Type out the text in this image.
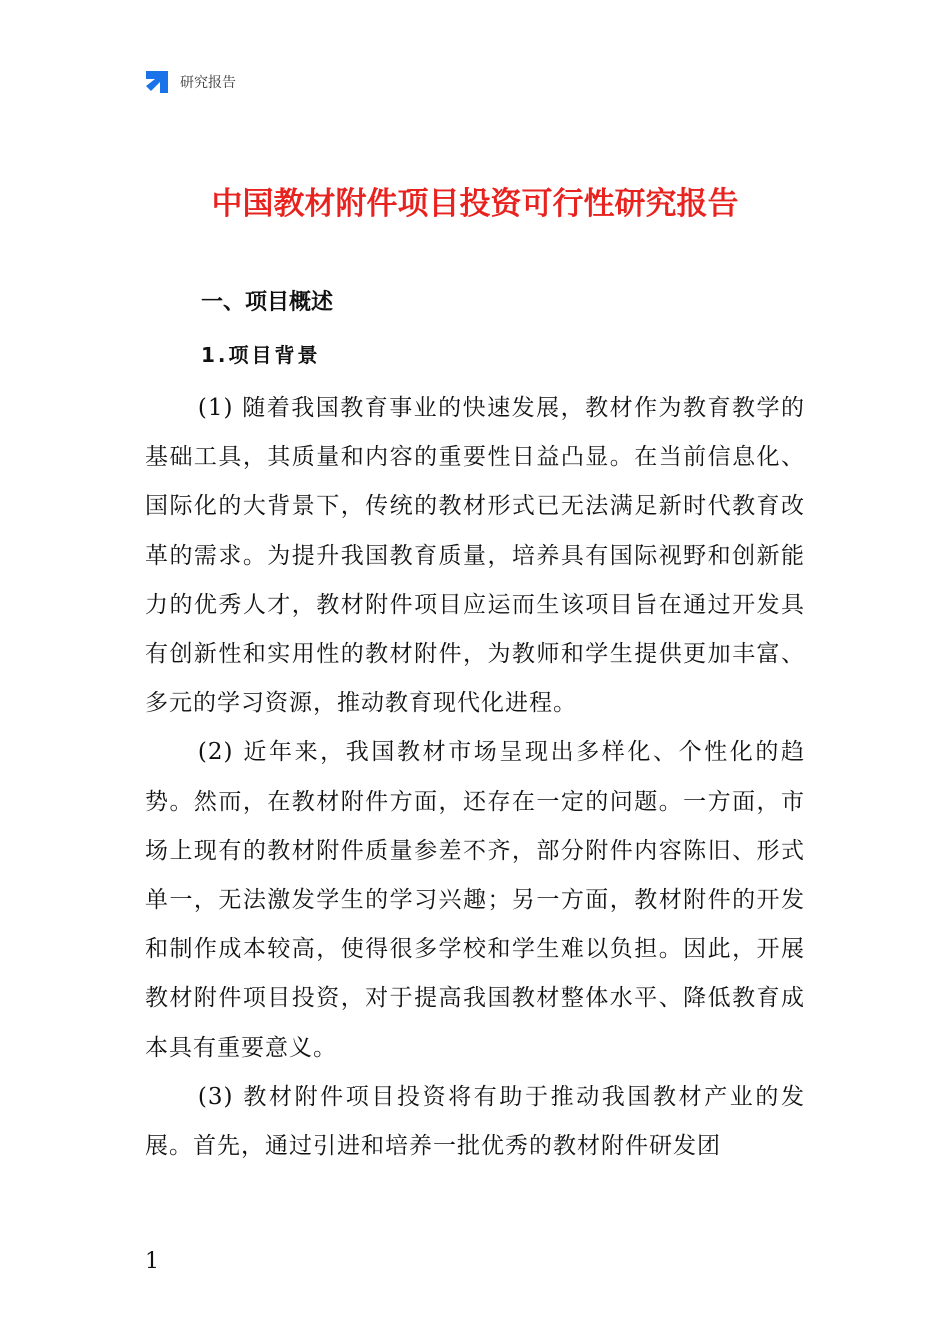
研究报告
中国教材附件项目投资可行性研究报告
一、项目概述
1.项目背景

(1) 随着我国教育事业的快速发展，教材作为教育教学的基础工具，其质量和内容的重要性日益凸显。在当前信息化、国际化的大背景下，传统的教材形式已无法满足新时代教育改革的需求。为提升我国教育质量，培养具有国际视野和创新能力的优秀人才，教材附件项目应运而生该项目旨在通过开发具有创新性和实用性的教材附件，为教师和学生提供更加丰富、多元的学习资源，推动教育现代化进程。

(2) 近年来，我国教材市场呈现出多样化、个性化的趋势。然而，在教材附件方面，还存在一定的问题。一方面，市场上现有的教材附件质量参差不齐，部分附件内容陈旧、形式单一，无法激发学生的学习兴趣；另一方面，教材附件的开发和制作成本较高，使得很多学校和学生难以负担。因此，开展教材附件项目投资，对于提高我国教材整体水平、降低教育成本具有重要意义。

(3) 教材附件项目投资将有助于推动我国教材产业的发展。首先，通过引进和培养一批优秀的教材附件研发团

1
